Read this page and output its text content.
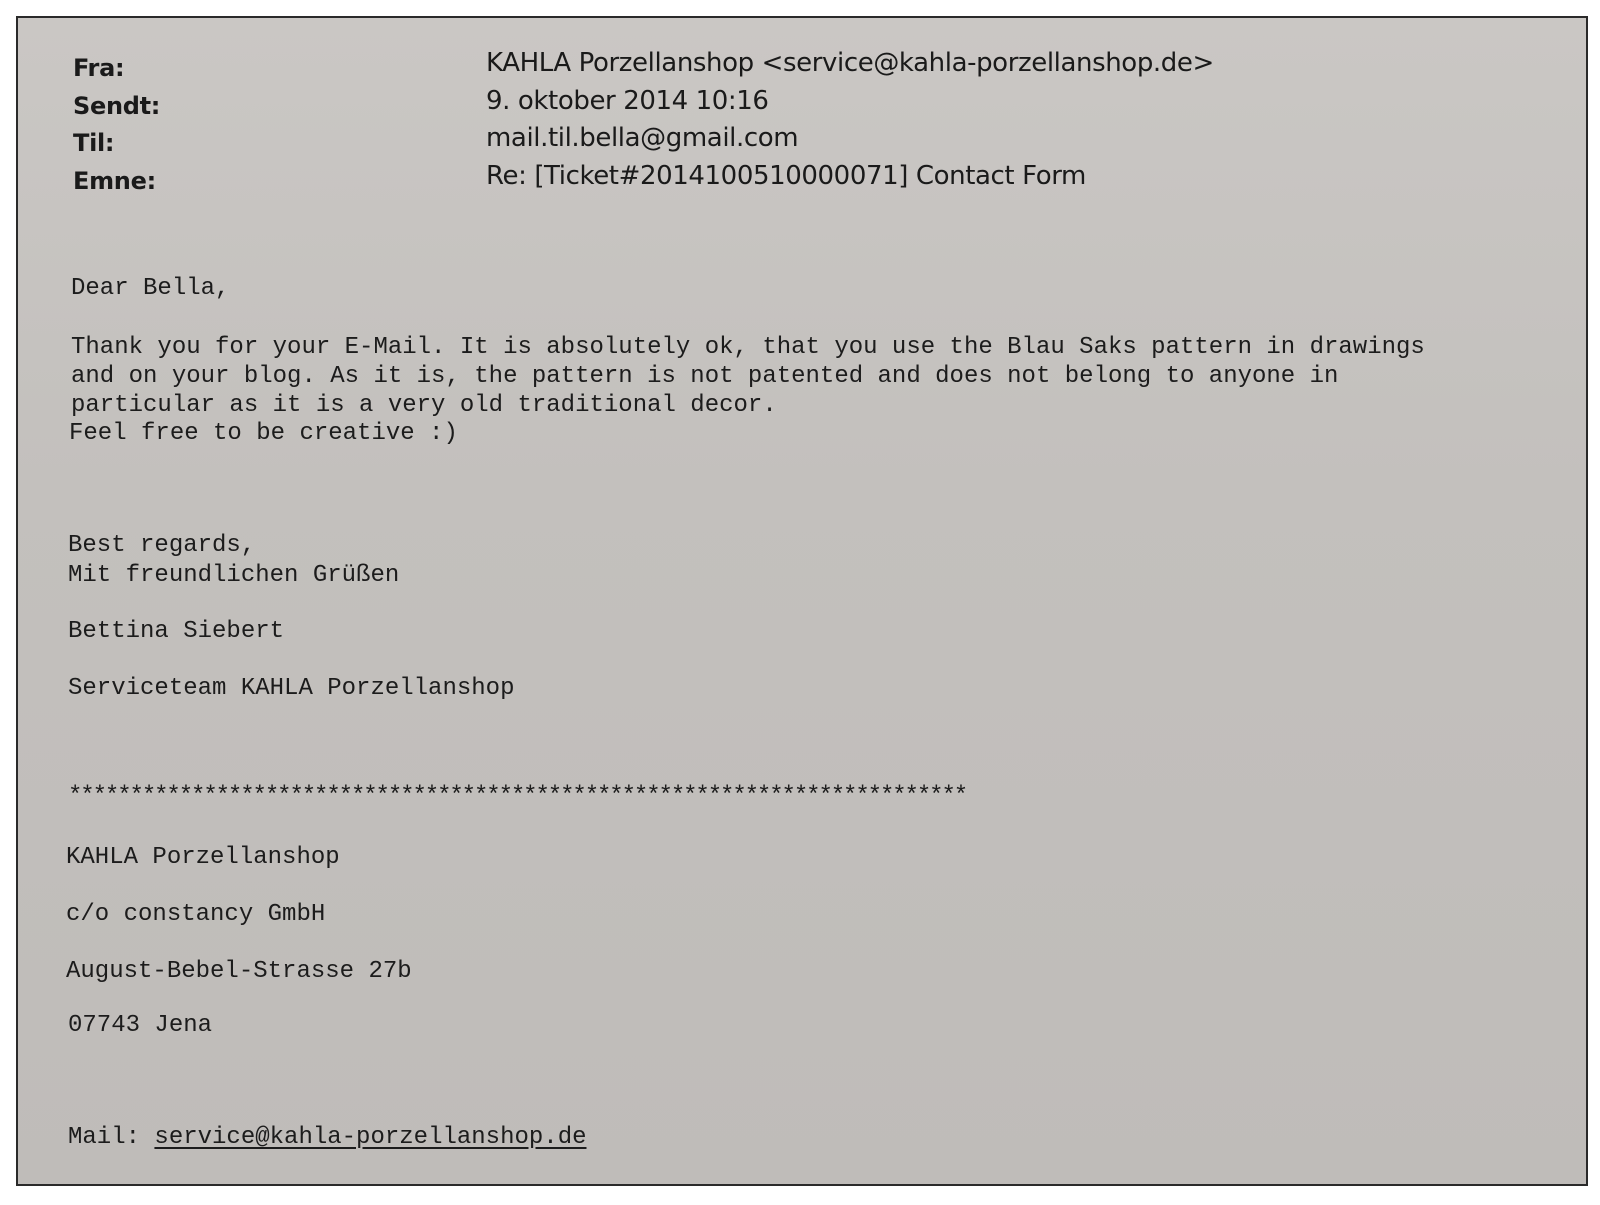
Fra:	KAHLA Porzellanshop <service@kahla-porzellanshop.de>
Sendt:	9. oktober 2014 10:16
Til:	mail.til.bella@gmail.com
Emne:	Re: [Ticket#2014100510000071] Contact Form

Dear Bella,

Thank you for your E-Mail. It is absolutely ok, that you use the Blau Saks pattern in drawings

and on your blog. As it is, the pattern is not patented and does not belong to anyone in

particular as it is a very old traditional decor.

Feel free to be creative :)

Best regards,

Mit freundlichen Grüßen

Bettina Siebert

Serviceteam KAHLA Porzellanshop

*************************************************************************

KAHLA Porzellanshop

c/o constancy GmbH

August-Bebel-Strasse 27b

07743 Jena

Mail: service@kahla-porzellanshop.de
